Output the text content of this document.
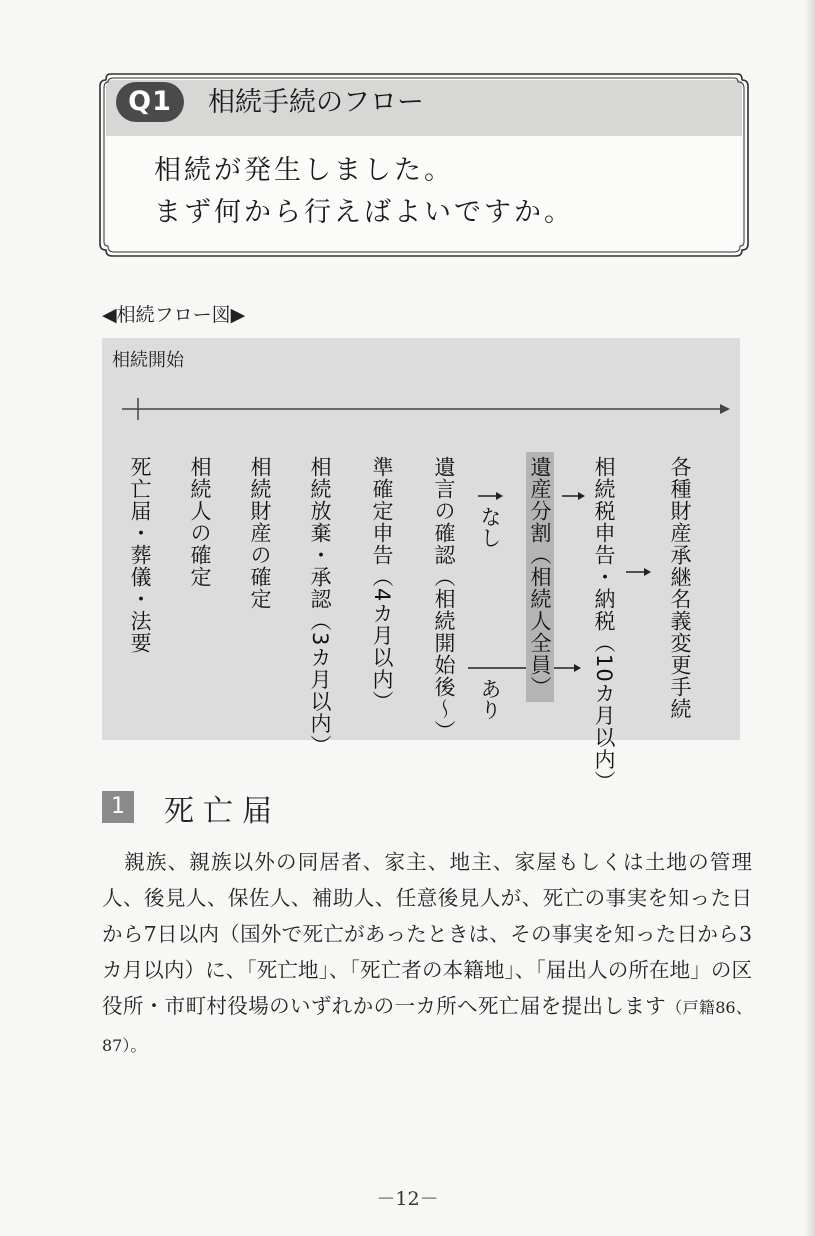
Q1	相続手続のフロー
相続が発生しました。
まず何から行えばよいですか。
◀相続フロー図▶
相続開始
死亡届・葬儀・法要 相続人の確定 相続財産の確定 相続放棄・承認（3カ月以内） 準確定申告（4カ月以内） 遺言の確認（相続開始後～） なし 遺産分割（相続人全員） 相続税申告・納税（10カ月以内）
あり	各種財産承継名義変更手続
1	死亡届
親族、親族以外の同居者、家主、地主、家屋もしくは土地の管理人、後見人、保佐人、補助人、任意後見人が、死亡の事実を知った日から7日以内（国外で死亡があったときは、その事実を知った日から3カ月以内）に、「死亡地」、「死亡者の本籍地」、「届出人の所在地」の区役所・市町村役場のいずれかの一カ所へ死亡届を提出します（戸籍86、87）。
－12－
